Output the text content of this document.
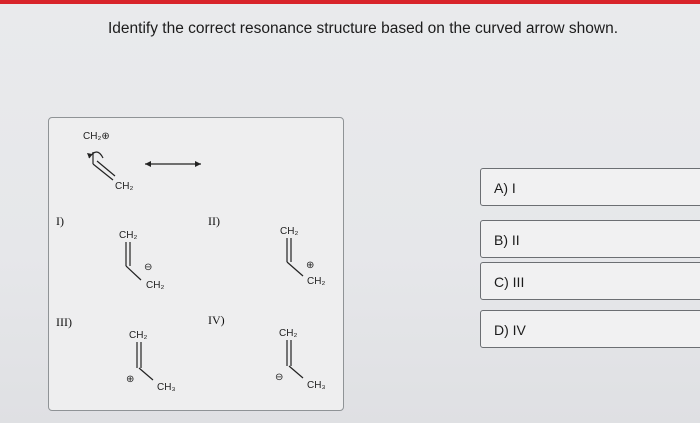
Identify the correct resonance structure based on the curved arrow shown.
CH₂⊕
CH₂
CH₂
⊖
CH₂
CH₂
⊕
CH₂
CH₂
⊕
CH₃
CH₂
⊖
CH₃
I)	II)
III)	IV)
A) I
B) II
C) III
D) IV
